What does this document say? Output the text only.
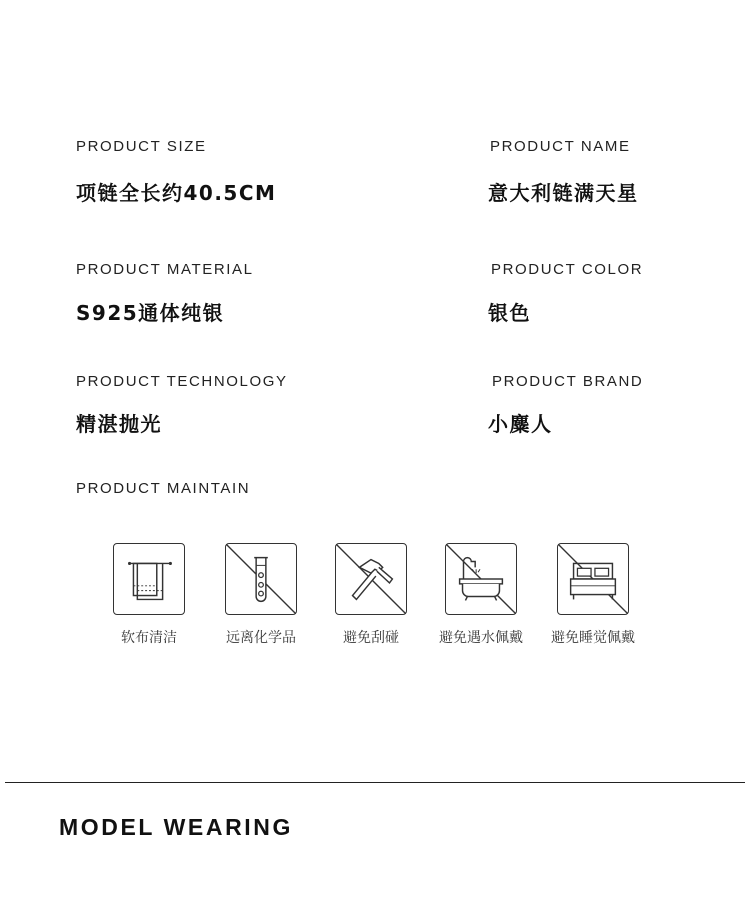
PRODUCT SIZE
项链全长约40.5CM
PRODUCT NAME
意大利链满天星
PRODUCT MATERIAL
S925通体纯银
PRODUCT COLOR
银色
PRODUCT TECHNOLOGY
精湛抛光
PRODUCT BRAND
小麋人
PRODUCT MAINTAIN
软布清洁	远离化学品	避免刮碰	避免遇水佩戴	避免睡觉佩戴
MODEL WEARING
